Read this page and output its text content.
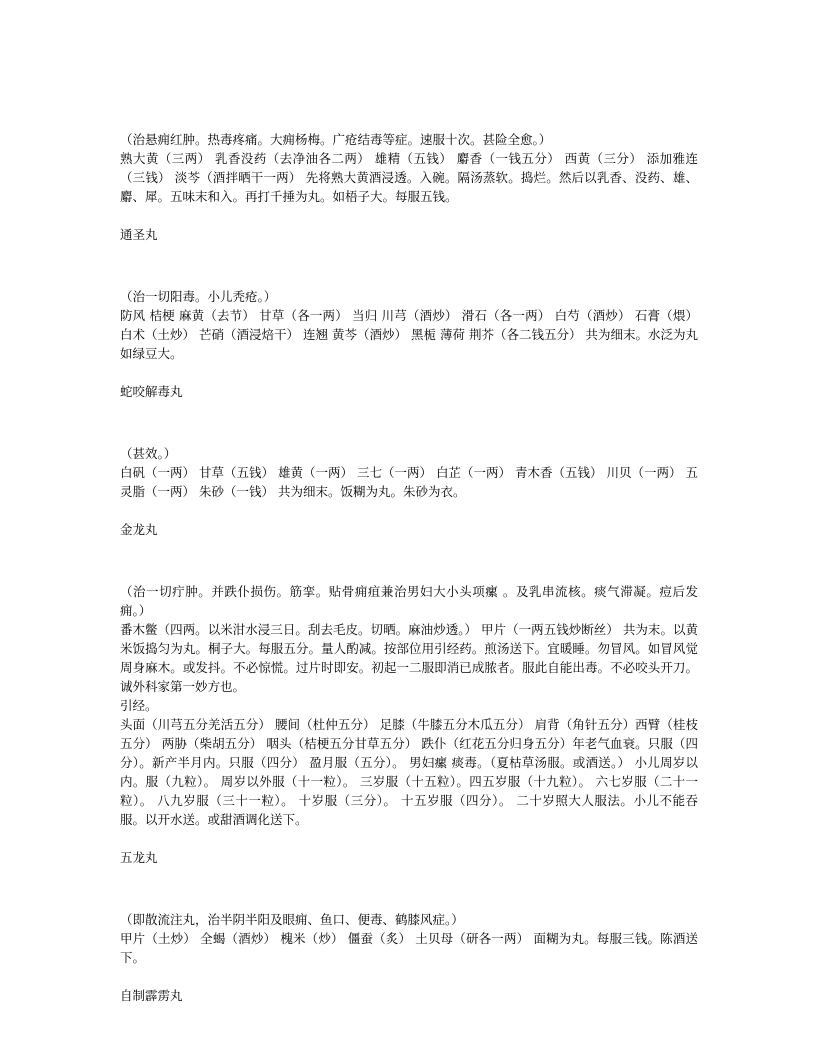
（治悬痈红肿。热毒疼痛。大痈杨梅。广疮结毒等症。速服十次。甚险全愈。）

熟大黄（三两） 乳香没药（去净油各二两） 雄精（五钱） 麝香（一钱五分） 西黄（三分） 添加雅连（三钱） 淡芩（酒拌晒干一两） 先将熟大黄酒浸透。入碗。隔汤蒸软。捣烂。然后以乳香、没药、雄、麝、犀。五味末和入。再打千捶为丸。如梧子大。每服五钱。

通圣丸

（治一切阳毒。小儿秃疮。）

防风 桔梗 麻黄（去节） 甘草（各一两） 当归 川芎（酒炒） 滑石（各一两） 白芍（酒炒） 石膏（煨）白术（土炒） 芒硝（酒浸焙干） 连翘 黄芩（酒炒） 黑栀 薄荷 荆芥（各二钱五分） 共为细末。水泛为丸如绿豆大。

蛇咬解毒丸

（甚效。）

白矾（一两） 甘草（五钱） 雄黄（一两） 三七（一两） 白芷（一两） 青木香（五钱） 川贝（一两） 五灵脂（一两） 朱砂（一钱） 共为细末。饭糊为丸。朱砂为衣。

金龙丸

（治一切疔肿。并跌仆损伤。筋挛。贴骨痈疽兼治男妇大小头项瘰 。及乳串流核。痰气滞凝。痘后发痈。）

番木鳖（四两。以米泔水浸三日。刮去毛皮。切晒。麻油炒透。） 甲片（一两五钱炒断丝） 共为末。以黄米饭捣匀为丸。桐子大。每服五分。量人酌减。按部位用引经药。煎汤送下。宜暖睡。勿冒风。如冒风觉周身麻木。或发抖。不必惊慌。过片时即安。初起一二服即消已成脓者。服此自能出毒。不必咬头开刀。诚外科家第一妙方也。

引经。

头面（川芎五分羌活五分） 腰间（杜仲五分） 足膝（牛膝五分木瓜五分） 肩背（角针五分）西臂（桂枝五分） 两胁（柴胡五分） 咽头（桔梗五分甘草五分） 跌仆（红花五分归身五分）年老气血衰。只服（四分）。新产半月内。只服（四分） 盈月服（五分）。 男妇瘰 痰毒。（夏枯草汤服。或酒送。） 小儿周岁以内。服（九粒）。 周岁以外服（十一粒）。 三岁服（十五粒）。四五岁服（十九粒）。 六七岁服（二十一粒）。 八九岁服（三十一粒）。 十岁服（三分）。 十五岁服（四分）。 二十岁照大人服法。小儿不能吞服。以开水送。或甜酒调化送下。

五龙丸

（即散流注丸，治半阴半阳及眼痈、鱼口、便毒、鹤膝风症。）

甲片（土炒） 全蝎（酒炒） 槐米（炒） 僵蚕（炙） 土贝母（研各一两） 面糊为丸。每服三钱。陈酒送下。

自制霹雳丸
